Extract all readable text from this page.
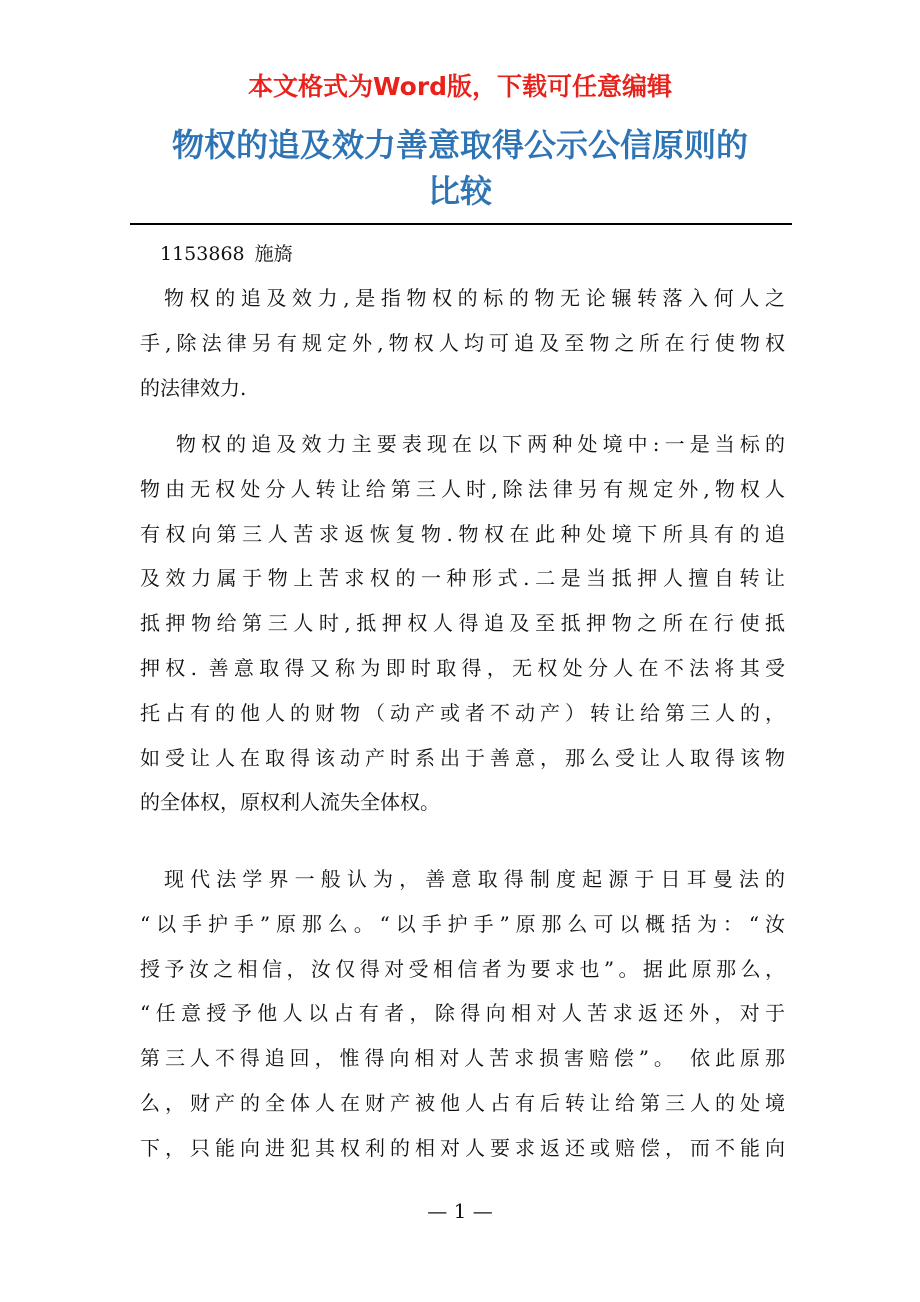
本文格式为Word版，下载可任意编辑
物权的追及效力善意取得公示公信原则的
比较
1153868 施旖
物权的追及效力,是指物权的标的物无论辗转落入何人之
手,除法律另有规定外,物权人均可追及至物之所在行使物权
的法律效力.
物权的追及效力主要表现在以下两种处境中:一是当标的
物由无权处分人转让给第三人时,除法律另有规定外,物权人
有权向第三人苦求返恢复物.物权在此种处境下所具有的追
及效力属于物上苦求权的一种形式.二是当抵押人擅自转让
抵押物给第三人时,抵押权人得追及至抵押物之所在行使抵
押权. 善意取得又称为即时取得，无权处分人在不法将其受
托占有的他人的财物（动产或者不动产）转让给第三人的，
如受让人在取得该动产时系出于善意，那么受让人取得该物
的全体权，原权利人流失全体权。
现代法学界一般认为，善意取得制度起源于日耳曼法的
“以手护手”原那么。“以手护手”原那么可以概括为：“汝
授予汝之相信，汝仅得对受相信者为要求也”。据此原那么，
“任意授予他人以占有者，除得向相对人苦求返还外，对于
第三人不得追回，惟得向相对人苦求损害赔偿”。 依此原那
么，财产的全体人在财产被他人占有后转让给第三人的处境
下，只能向进犯其权利的相对人要求返还或赔偿，而不能向
— 1 —
